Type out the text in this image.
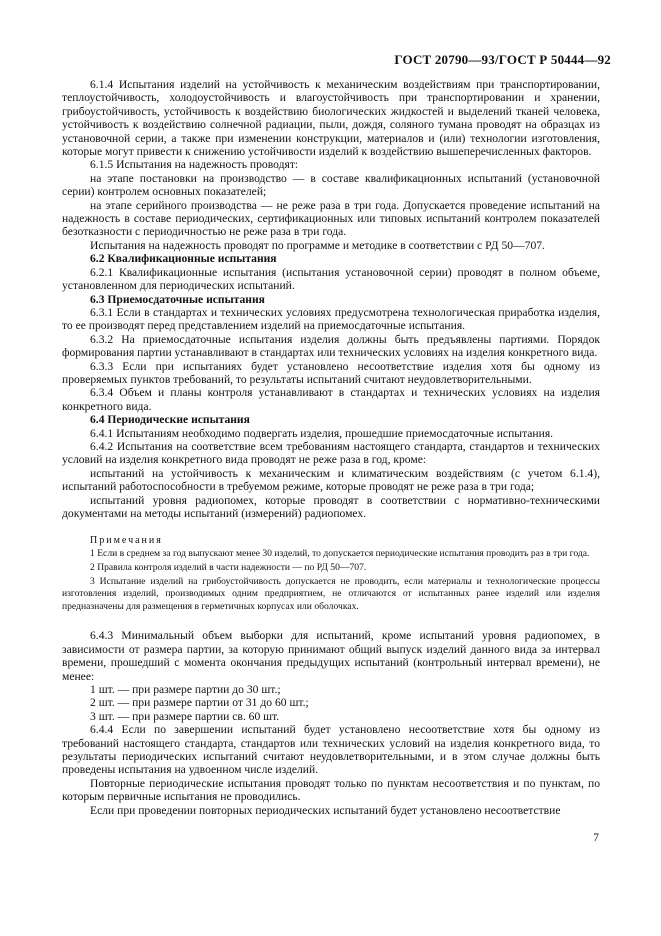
ГОСТ 20790—93/ГОСТ Р 50444—92

6.1.4 Испытания изделий на устойчивость к механическим воздействиям при транспортировании, теплоустойчивость, холодоустойчивость и влагоустойчивость при транспортировании и хранении, грибоустойчивость, устойчивость к воздействию биологических жидкостей и выделений тканей человека, устойчивость к воздействию солнечной радиации, пыли, дождя, соляного тумана проводят на образцах из установочной серии, а также при изменении конструкции, материалов и (или) технологии изготовления, которые могут привести к снижению устойчивости изделий к воздействию вышеперечисленных факторов.

6.1.5 Испытания на надежность проводят:

на этапе постановки на производство — в составе квалификационных испытаний (установочной серии) контролем основных показателей;

на этапе серийного производства — не реже раза в три года. Допускается проведение испытаний на надежность в составе периодических, сертификационных или типовых испытаний контролем показателей безотказности с периодичностью не реже раза в три года.

Испытания на надежность проводят по программе и методике в соответствии с РД 50—707.

6.2 Квалификационные испытания

6.2.1 Квалификационные испытания (испытания установочной серии) проводят в полном объеме, установленном для периодических испытаний.

6.3 Приемосдаточные испытания

6.3.1 Если в стандартах и технических условиях предусмотрена технологическая приработка изделия, то ее производят перед представлением изделий на приемосдаточные испытания.

6.3.2 На приемосдаточные испытания изделия должны быть предъявлены партиями. Порядок формирования партии устанавливают в стандартах или технических условиях на изделия конкретного вида.

6.3.3 Если при испытаниях будет установлено несоответствие изделия хотя бы одному из проверяемых пунктов требований, то результаты испытаний считают неудовлетворительными.

6.3.4 Объем и планы контроля устанавливают в стандартах и технических условиях на изделия конкретного вида.

6.4 Периодические испытания

6.4.1 Испытаниям необходимо подвергать изделия, прошедшие приемосдаточные испытания.

6.4.2 Испытания на соответствие всем требованиям настоящего стандарта, стандартов и технических условий на изделия конкретного вида проводят не реже раза в год, кроме:

испытаний на устойчивость к механическим и климатическим воздействиям (с учетом 6.1.4), испытаний работоспособности в требуемом режиме, которые проводят не реже раза в три года;

испытаний уровня радиопомех, которые проводят в соответствии с нормативно-техническими документами на методы испытаний (измерений) радиопомех.

Примечания

1 Если в среднем за год выпускают менее 30 изделий, то допускается периодические испытания проводить раз в три года.

2 Правила контроля изделий в части надежности — по РД 50—707.

3 Испытание изделий на грибоустойчивость допускается не проводить, если материалы и технологические процессы изготовления изделий, производимых одним предприятием, не отличаются от испытанных ранее изделий или изделия предназначены для размещения в герметичных корпусах или оболочках.

6.4.3 Минимальный объем выборки для испытаний, кроме испытаний уровня радиопомех, в зависимости от размера партии, за которую принимают общий выпуск изделий данного вида за интервал времени, прошедший с момента окончания предыдущих испытаний (контрольный интервал времени), не менее:

1 шт. — при размере партии до 30 шт.;

2 шт. — при размере партии от 31 до 60 шт.;

3 шт. — при размере партии св. 60 шт.

6.4.4 Если по завершении испытаний будет установлено несоответствие хотя бы одному из требований настоящего стандарта, стандартов или технических условий на изделия конкретного вида, то результаты периодических испытаний считают неудовлетворительными, и в этом случае должны быть проведены испытания на удвоенном числе изделий.

Повторные периодические испытания проводят только по пунктам несоответствия и по пунктам, по которым первичные испытания не проводились.

Если при проведении повторных периодических испытаний будет установлено несоответствие

7
